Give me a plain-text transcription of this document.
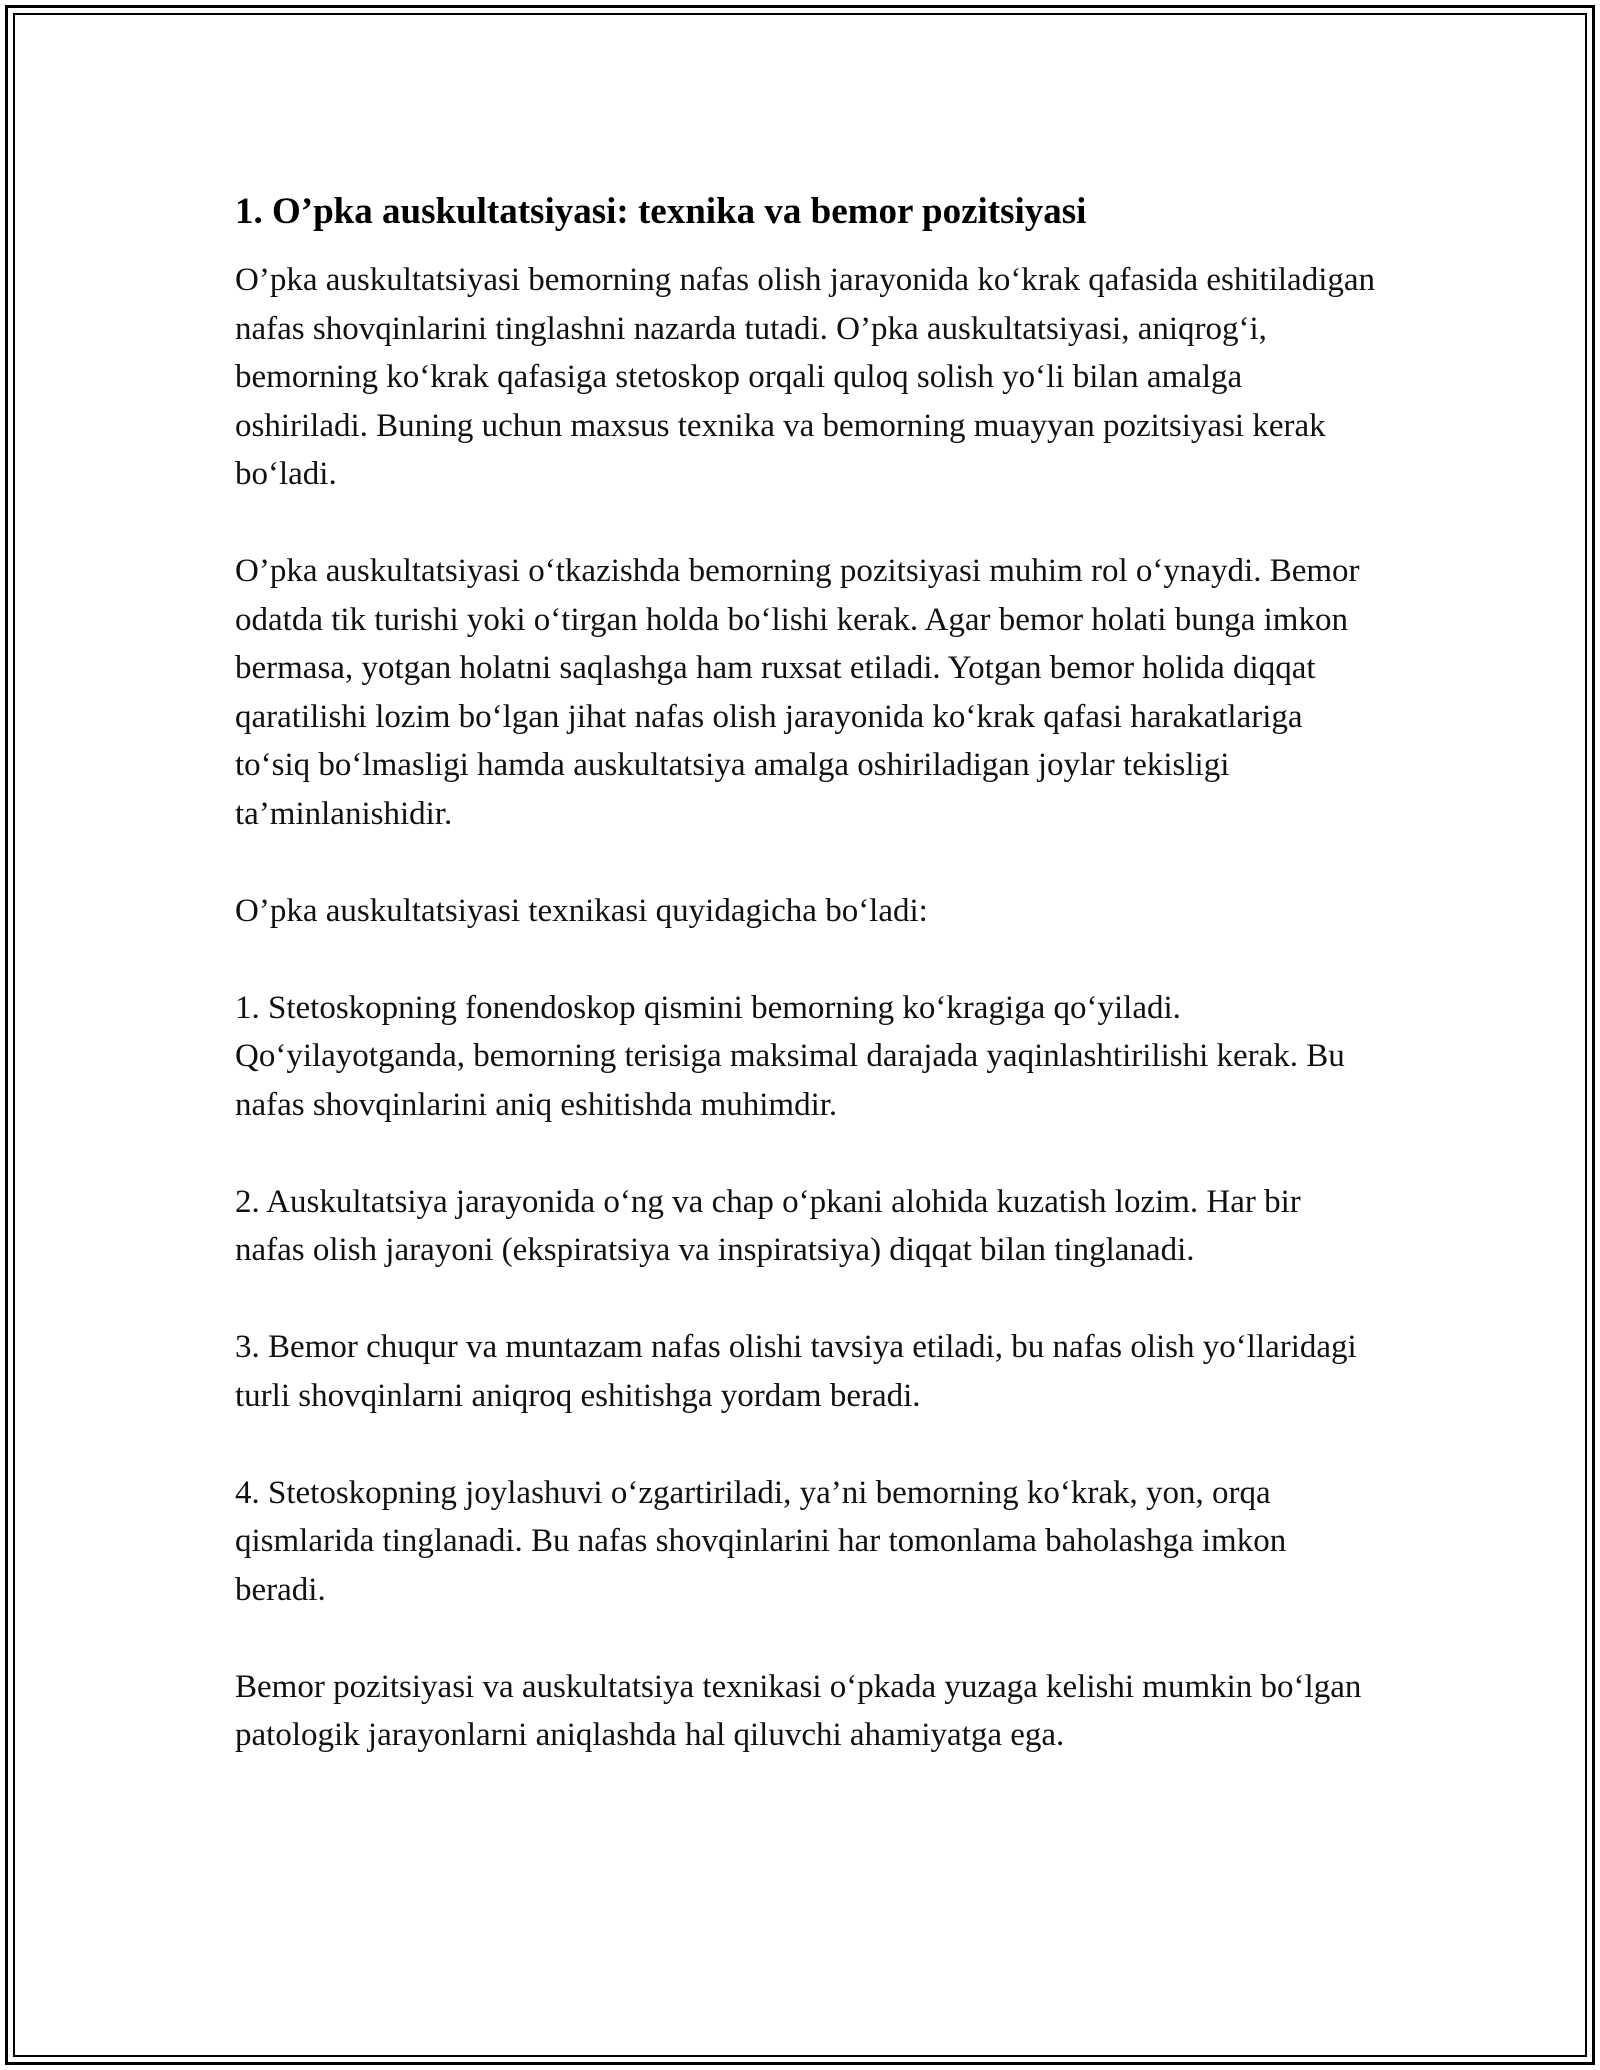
1. O’pka auskultatsiyasi: texnika va bemor pozitsiyasi

O’pka auskultatsiyasi bemorning nafas olish jarayonida ko‘krak qafasida eshitiladigan nafas shovqinlarini tinglashni nazarda tutadi. O’pka auskultatsiyasi, aniqrog‘i, bemorning ko‘krak qafasiga stetoskop orqali quloq solish yo‘li bilan amalga oshiriladi. Buning uchun maxsus texnika va bemorning muayyan pozitsiyasi kerak bo‘ladi.

O’pka auskultatsiyasi o‘tkazishda bemorning pozitsiyasi muhim rol o‘ynaydi. Bemor odatda tik turishi yoki o‘tirgan holda bo‘lishi kerak. Agar bemor holati bunga imkon bermasa, yotgan holatni saqlashga ham ruxsat etiladi. Yotgan bemor holida diqqat qaratilishi lozim bo‘lgan jihat nafas olish jarayonida ko‘krak qafasi harakatlariga to‘siq bo‘lmasligi hamda auskultatsiya amalga oshiriladigan joylar tekisligi ta’minlanishidir.

O’pka auskultatsiyasi texnikasi quyidagicha bo‘ladi:

1. Stetoskopning fonendoskop qismini bemorning ko‘kragiga qo‘yiladi. Qo‘yilayotganda, bemorning terisiga maksimal darajada yaqinlashtirilishi kerak. Bu nafas shovqinlarini aniq eshitishda muhimdir.

2. Auskultatsiya jarayonida o‘ng va chap o‘pkani alohida kuzatish lozim. Har bir nafas olish jarayoni (ekspiratsiya va inspiratsiya) diqqat bilan tinglanadi.

3. Bemor chuqur va muntazam nafas olishi tavsiya etiladi, bu nafas olish yo‘llaridagi turli shovqinlarni aniqroq eshitishga yordam beradi.

4. Stetoskopning joylashuvi o‘zgartiriladi, ya’ni bemorning ko‘krak, yon, orqa qismlarida tinglanadi. Bu nafas shovqinlarini har tomonlama baholashga imkon beradi.

Bemor pozitsiyasi va auskultatsiya texnikasi o‘pkada yuzaga kelishi mumkin bo‘lgan patologik jarayonlarni aniqlashda hal qiluvchi ahamiyatga ega.
